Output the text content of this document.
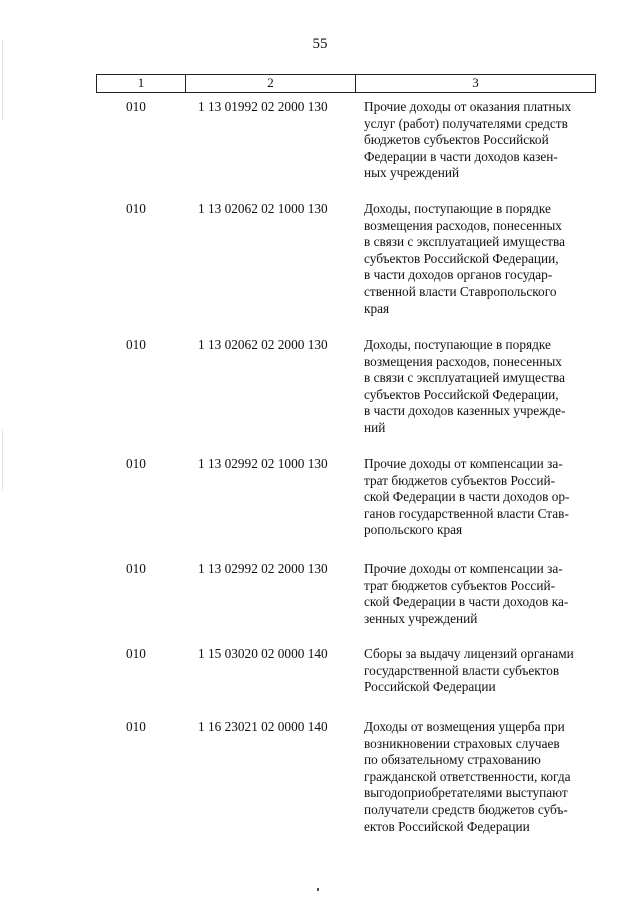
55
1	2	3
010	1 13 01992 02 2000 130	Прочие доходы от оказания платных
услуг (работ) получателями средств
бюджетов субъектов Российской
Федерации в части доходов казен-
ных учреждений
010	1 13 02062 02 1000 130	Доходы, поступающие в порядке
возмещения расходов, понесенных
в связи с эксплуатацией имущества
субъектов Российской Федерации,
в части доходов органов государ-
ственной власти Ставропольского
края
010	1 13 02062 02 2000 130	Доходы, поступающие в порядке
возмещения расходов, понесенных
в связи с эксплуатацией имущества
субъектов Российской Федерации,
в части доходов казенных учрежде-
ний
010	1 13 02992 02 1000 130	Прочие доходы от компенсации за-
трат бюджетов субъектов Россий-
ской Федерации в части доходов ор-
ганов государственной власти Став-
ропольского края
010	1 13 02992 02 2000 130	Прочие доходы от компенсации за-
трат бюджетов субъектов Россий-
ской Федерации в части доходов ка-
зенных учреждений
010	1 15 03020 02 0000 140	Сборы за выдачу лицензий органами
государственной власти субъектов
Российской Федерации
010	1 16 23021 02 0000 140	Доходы от возмещения ущерба при
возникновении страховых случаев
по обязательному страхованию
гражданской ответственности, когда
выгодоприобретателями выступают
получатели средств бюджетов субъ-
ектов Российской Федерации
